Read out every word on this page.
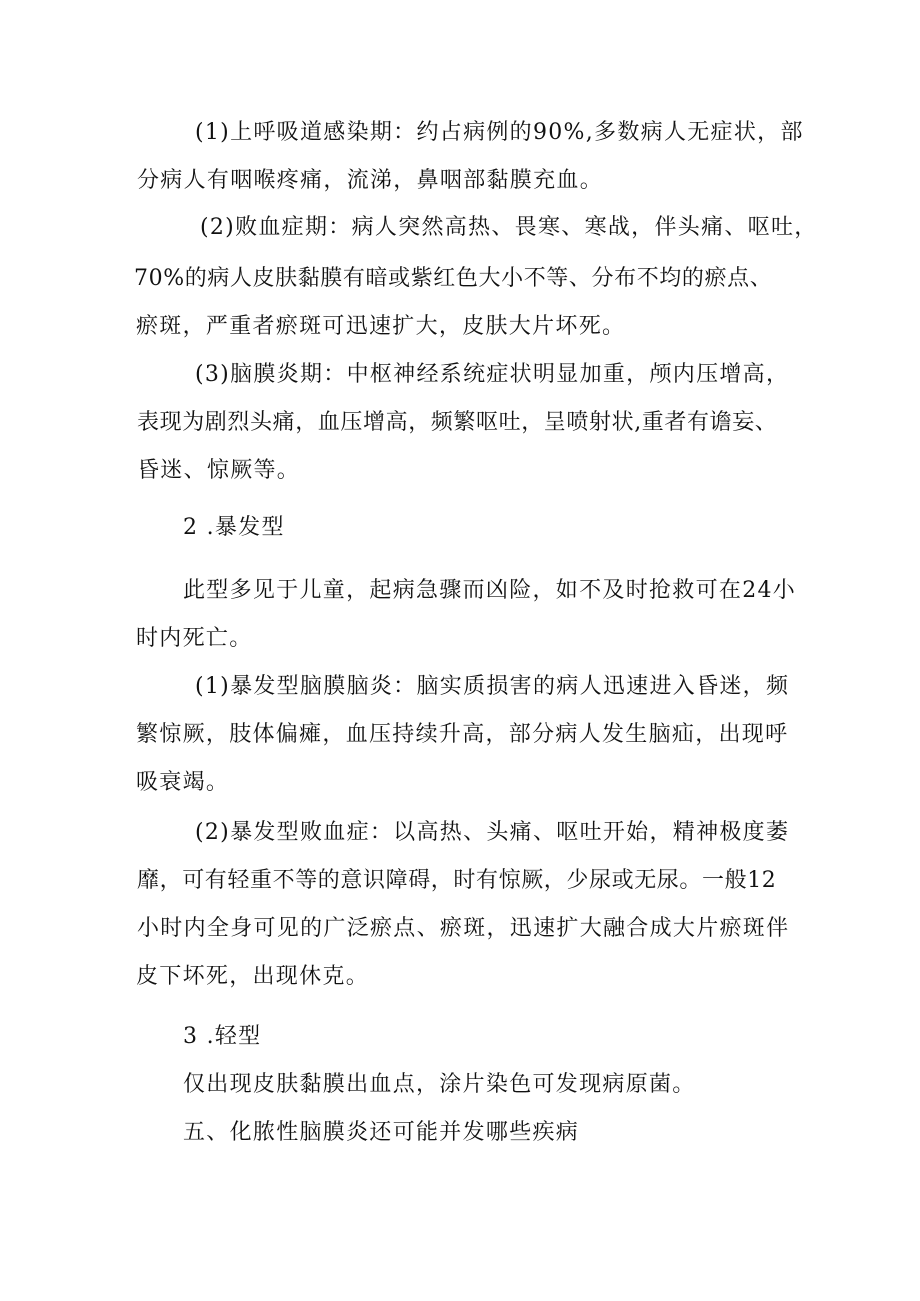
(1)上呼吸道感染期：约占病例的90%,多数病人无症状，部
分病人有咽喉疼痛，流涕，鼻咽部黏膜充血。
(2)败血症期：病人突然高热、畏寒、寒战，伴头痛、呕吐，
70%的病人皮肤黏膜有暗或紫红色大小不等、分布不均的瘀点、
瘀斑，严重者瘀斑可迅速扩大，皮肤大片坏死。
(3)脑膜炎期：中枢神经系统症状明显加重，颅内压增高，
表现为剧烈头痛，血压增高，频繁呕吐，呈喷射状,重者有谵妄、
昏迷、惊厥等。
2 .暴发型
此型多见于儿童，起病急骤而凶险，如不及时抢救可在24小
时内死亡。
(1)暴发型脑膜脑炎：脑实质损害的病人迅速进入昏迷，频
繁惊厥，肢体偏瘫，血压持续升高，部分病人发生脑疝，出现呼
吸衰竭。
(2)暴发型败血症：以高热、头痛、呕吐开始，精神极度萎
靡，可有轻重不等的意识障碍，时有惊厥，少尿或无尿。一般12
小时内全身可见的广泛瘀点、瘀斑，迅速扩大融合成大片瘀斑伴
皮下坏死，出现休克。
3 .轻型
仅出现皮肤黏膜出血点，涂片染色可发现病原菌。
五、化脓性脑膜炎还可能并发哪些疾病
